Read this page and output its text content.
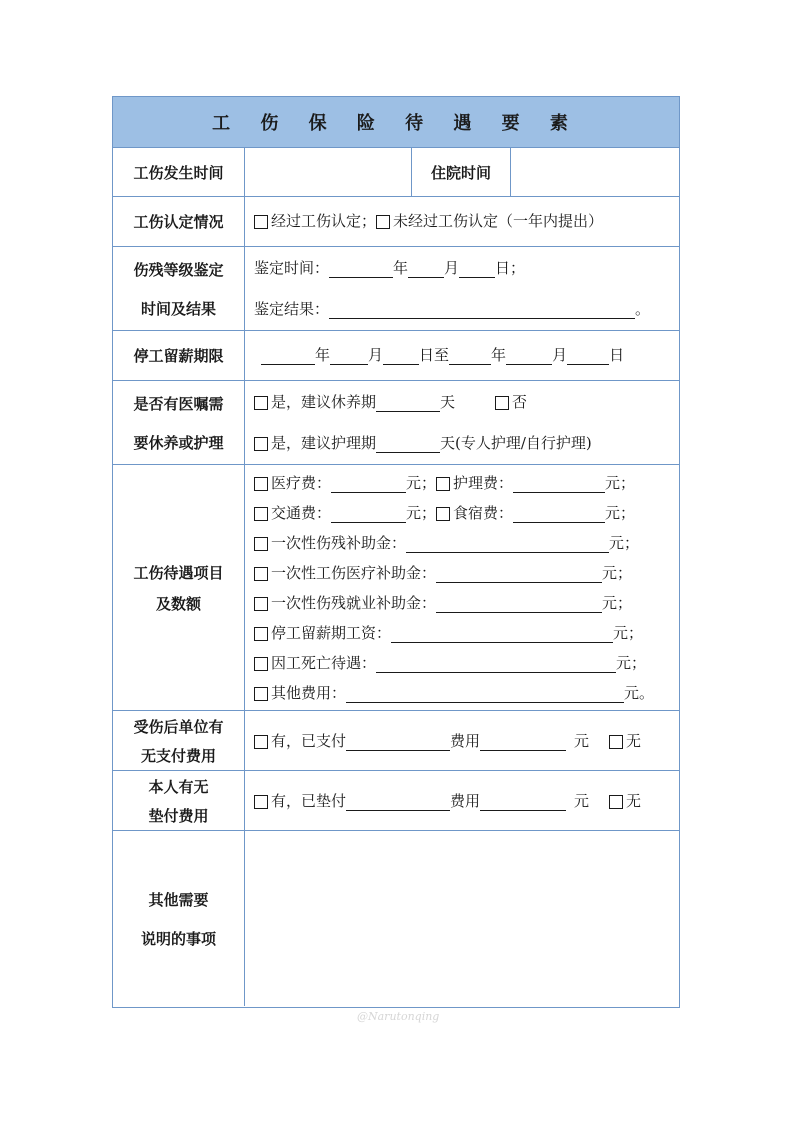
工 伤 保 险 待 遇 要 素
工伤发生时间	住院时间
工伤认定情况	经过工伤认定； 未经过工伤认定（一年内提出）
伤残等级鉴定
时间及结果
鉴定时间：	年 月 日；
鉴定结果：	。
停工留薪期限	年	月 日至	年	月	日
是否有医嘱需
要休养或护理
是，建议休养期	天	否
是，建议护理期	天(专人护理/自行护理)
工伤待遇项目
及数额
医疗费：	元； 护理费：	元；
交通费：	元； 食宿费：	元；
一次性伤残补助金：	元；
一次性工伤医疗补助金：	元；
一次性伤残就业补助金：	元；
停工留薪期工资：	元；
因工死亡待遇：	元；
其他费用：	元。
受伤后单位有
无支付费用
有，已支付	费用	元 无
本人有无
垫付费用
有，已垫付	费用	元 无
其他需要
说明的事项
@Narutonqing
